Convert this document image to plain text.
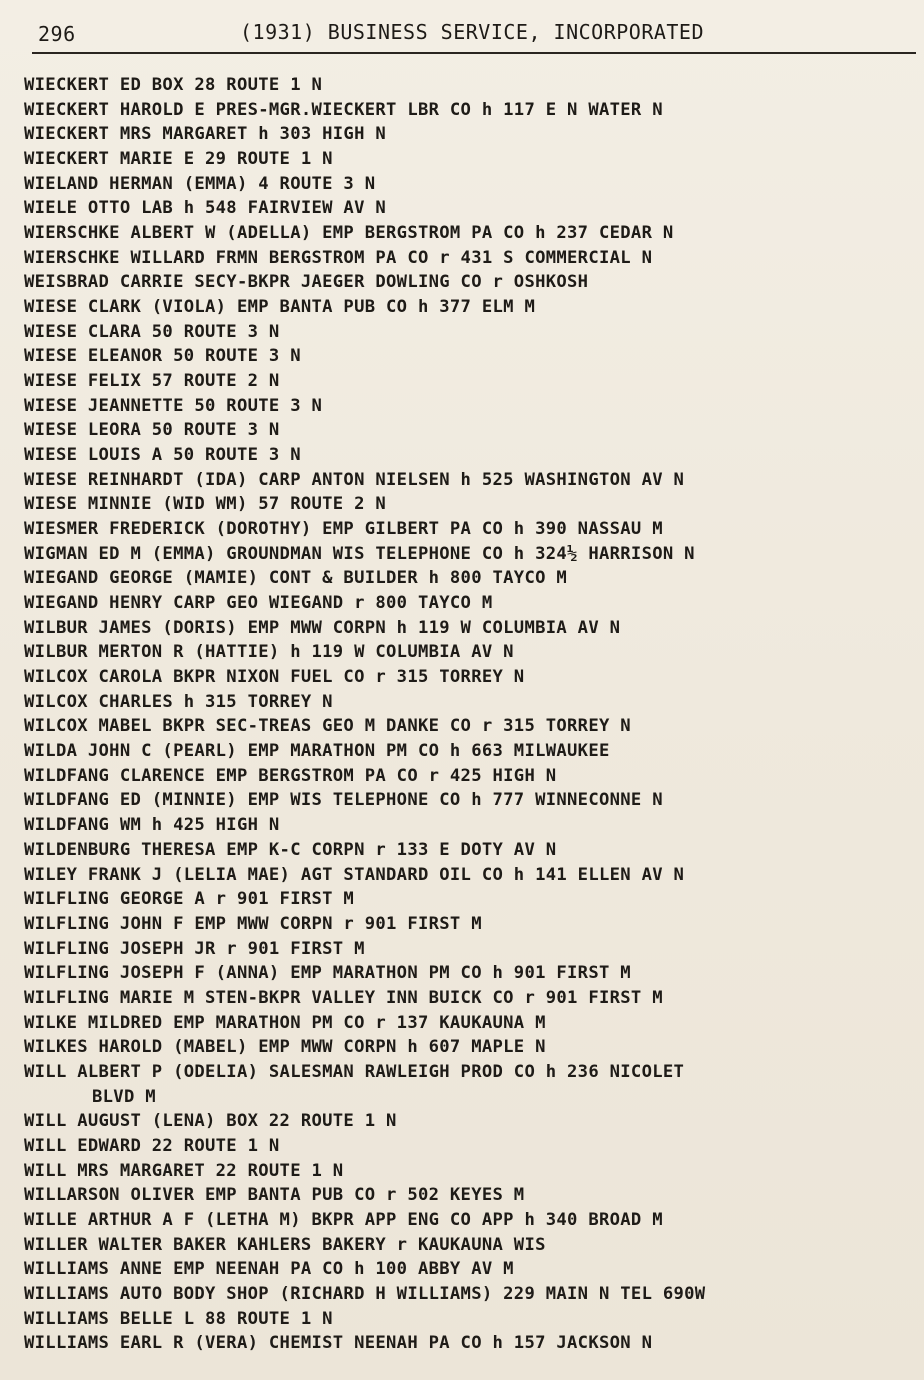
296	(1931) BUSINESS SERVICE, INCORPORATED
WIECKERT ED BOX 28 ROUTE 1 N
WIECKERT HAROLD E PRES-MGR.WIECKERT LBR CO h 117 E N WATER N
WIECKERT MRS MARGARET h 303 HIGH N
WIECKERT MARIE E 29 ROUTE 1 N
WIELAND HERMAN (EMMA) 4 ROUTE 3 N
WIELE OTTO LAB h 548 FAIRVIEW AV N
WIERSCHKE ALBERT W (ADELLA) EMP BERGSTROM PA CO h 237 CEDAR N
WIERSCHKE WILLARD FRMN BERGSTROM PA CO r 431 S COMMERCIAL N
WEISBRAD CARRIE SECY-BKPR JAEGER DOWLING CO r OSHKOSH
WIESE CLARK (VIOLA) EMP BANTA PUB CO h 377 ELM M
WIESE CLARA 50 ROUTE 3 N
WIESE ELEANOR 50 ROUTE 3 N
WIESE FELIX 57 ROUTE 2 N
WIESE JEANNETTE 50 ROUTE 3 N
WIESE LEORA 50 ROUTE 3 N
WIESE LOUIS A 50 ROUTE 3 N
WIESE REINHARDT (IDA) CARP ANTON NIELSEN h 525 WASHINGTON AV N
WIESE MINNIE (WID WM) 57 ROUTE 2 N
WIESMER FREDERICK (DOROTHY) EMP GILBERT PA CO h 390 NASSAU M
WIGMAN ED M (EMMA) GROUNDMAN WIS TELEPHONE CO h 324½ HARRISON N
WIEGAND GEORGE (MAMIE) CONT & BUILDER h 800 TAYCO M
WIEGAND HENRY CARP GEO WIEGAND r 800 TAYCO M
WILBUR JAMES (DORIS) EMP MWW CORPN h 119 W COLUMBIA AV N
WILBUR MERTON R (HATTIE) h 119 W COLUMBIA AV N
WILCOX CAROLA BKPR NIXON FUEL CO r 315 TORREY N
WILCOX CHARLES h 315 TORREY N
WILCOX MABEL BKPR SEC-TREAS GEO M DANKE CO r 315 TORREY N
WILDA JOHN C (PEARL) EMP MARATHON PM CO h 663 MILWAUKEE
WILDFANG CLARENCE EMP BERGSTROM PA CO r 425 HIGH N
WILDFANG ED (MINNIE) EMP WIS TELEPHONE CO h 777 WINNECONNE N
WILDFANG WM h 425 HIGH N
WILDENBURG THERESA EMP K-C CORPN r 133 E DOTY AV N
WILEY FRANK J (LELIA MAE) AGT STANDARD OIL CO h 141 ELLEN AV N
WILFLING GEORGE A r 901 FIRST M
WILFLING JOHN F EMP MWW CORPN r 901 FIRST M
WILFLING JOSEPH JR r 901 FIRST M
WILFLING JOSEPH F (ANNA) EMP MARATHON PM CO h 901 FIRST M
WILFLING MARIE M STEN-BKPR VALLEY INN BUICK CO r 901 FIRST M
WILKE MILDRED EMP MARATHON PM CO r 137 KAUKAUNA M
WILKES HAROLD (MABEL) EMP MWW CORPN h 607 MAPLE N
WILL ALBERT P (ODELIA) SALESMAN RAWLEIGH PROD CO h 236 NICOLET
BLVD M
WILL AUGUST (LENA) BOX 22 ROUTE 1 N
WILL EDWARD 22 ROUTE 1 N
WILL MRS MARGARET 22 ROUTE 1 N
WILLARSON OLIVER EMP BANTA PUB CO r 502 KEYES M
WILLE ARTHUR A F (LETHA M) BKPR APP ENG CO APP h 340 BROAD M
WILLER WALTER BAKER KAHLERS BAKERY r KAUKAUNA WIS
WILLIAMS ANNE EMP NEENAH PA CO h 100 ABBY AV M
WILLIAMS AUTO BODY SHOP (RICHARD H WILLIAMS) 229 MAIN N TEL 690W
WILLIAMS BELLE L 88 ROUTE 1 N
WILLIAMS EARL R (VERA) CHEMIST NEENAH PA CO h 157 JACKSON N
